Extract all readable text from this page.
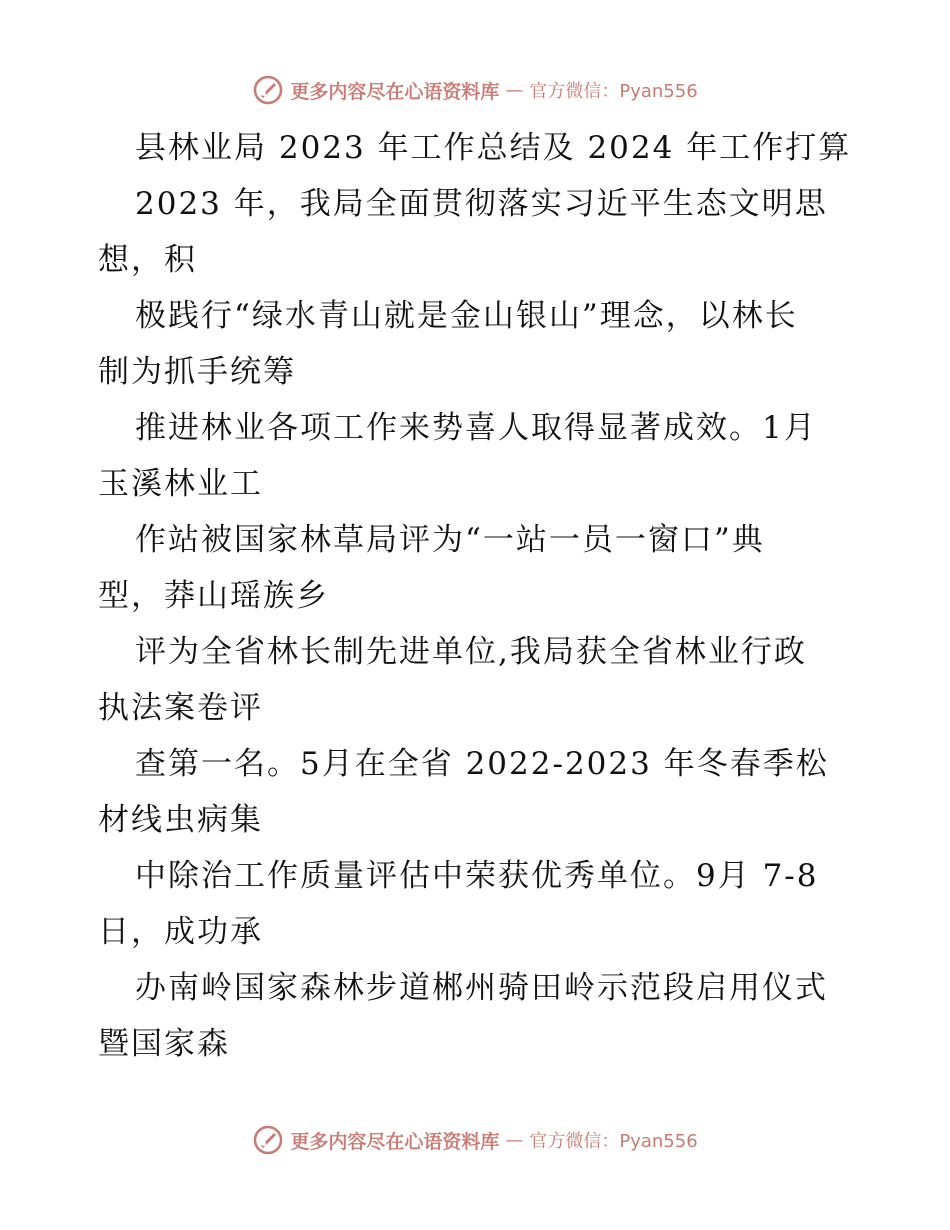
更多内容尽在心语资料库 — 官方微信：Pyan556
县林业局 2023 年工作总结及 2024 年工作打算
2023 年，我局全面贯彻落实习近平生态文明思
想，积
极践行“绿水青山就是金山银山”理念，以林长
制为抓手统筹
推进林业各项工作来势喜人取得显著成效。1月
玉溪林业工
作站被国家林草局评为“一站一员一窗口”典
型，莽山瑶族乡
评为全省林长制先进单位,我局获全省林业行政
执法案卷评
查第一名。5月在全省 2022-2023 年冬春季松
材线虫病集
中除治工作质量评估中荣获优秀单位。9月 7-8
日，成功承
办南岭国家森林步道郴州骑田岭示范段启用仪式
暨国家森
更多内容尽在心语资料库 — 官方微信：Pyan556
